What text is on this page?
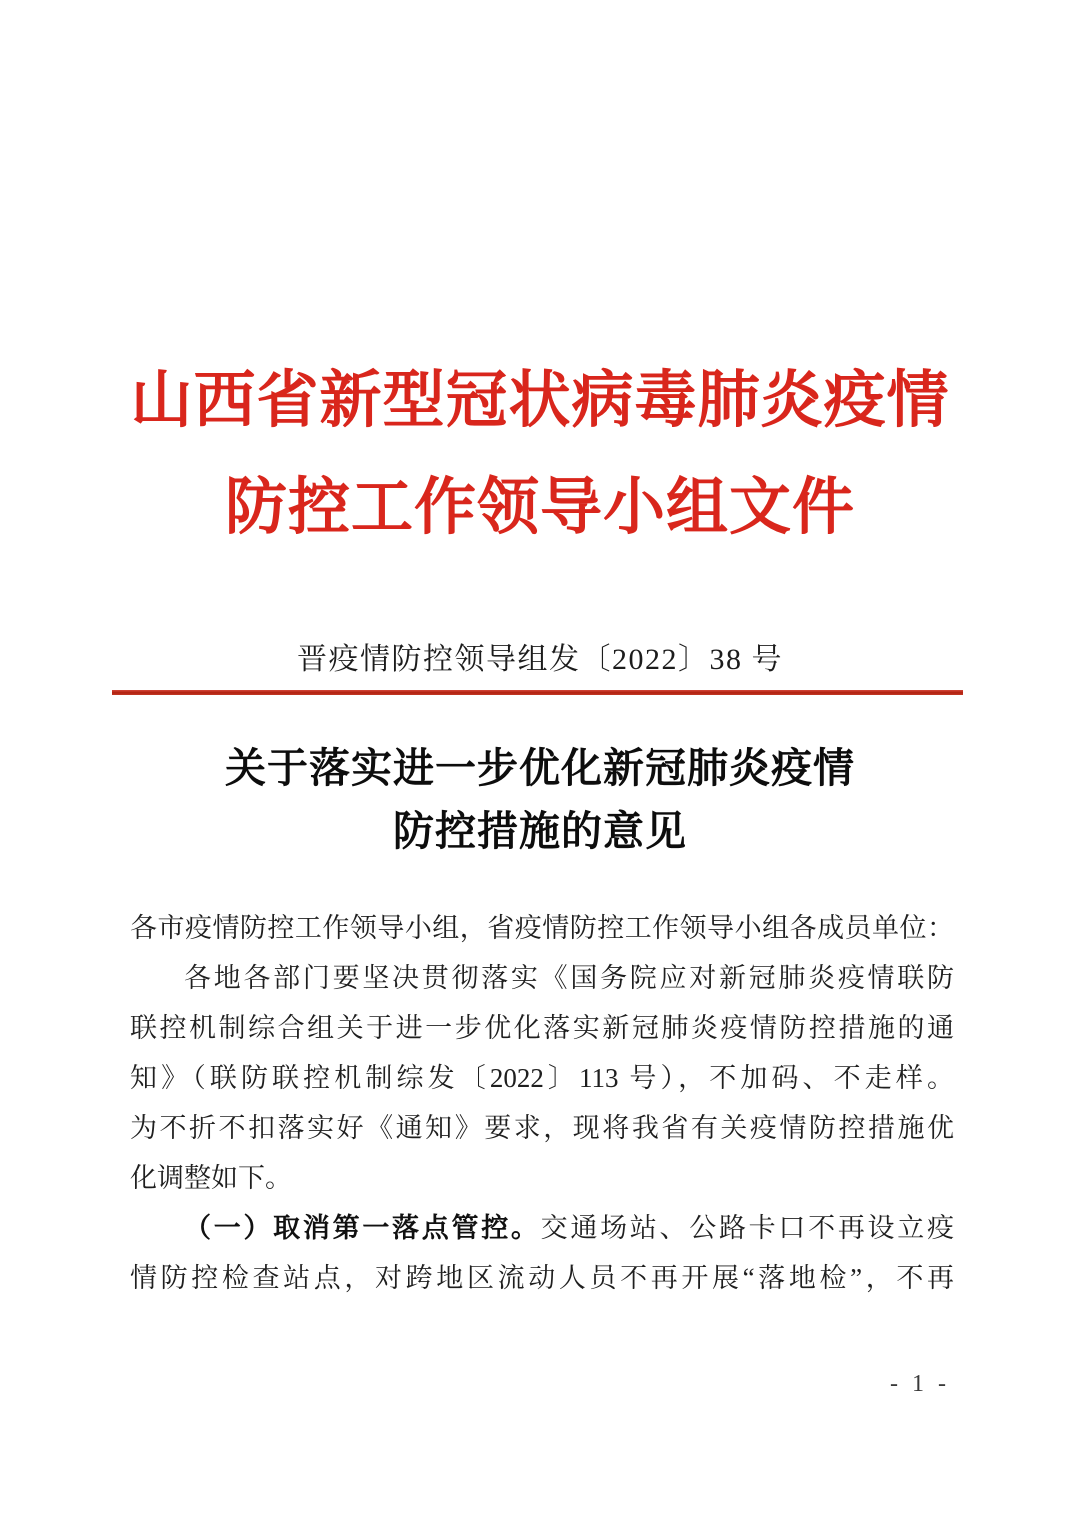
山西省新型冠状病毒肺炎疫情
防控工作领导小组文件
晋疫情防控领导组发〔2022〕38 号
关于落实进一步优化新冠肺炎疫情
防控措施的意见
各市疫情防控工作领导小组，省疫情防控工作领导小组各成员单位：
各地各部门要坚决贯彻落实《国务院应对新冠肺炎疫情联防
联控机制综合组关于进一步优化落实新冠肺炎疫情防控措施的通
知》（联防联控机制综发〔2022〕113 号），不加码、不走样。
为不折不扣落实好《通知》要求，现将我省有关疫情防控措施优
化调整如下。
（一）取消第一落点管控。交通场站、公路卡口不再设立疫
情防控检查站点，对跨地区流动人员不再开展“落地检”，不再
- 1 -
